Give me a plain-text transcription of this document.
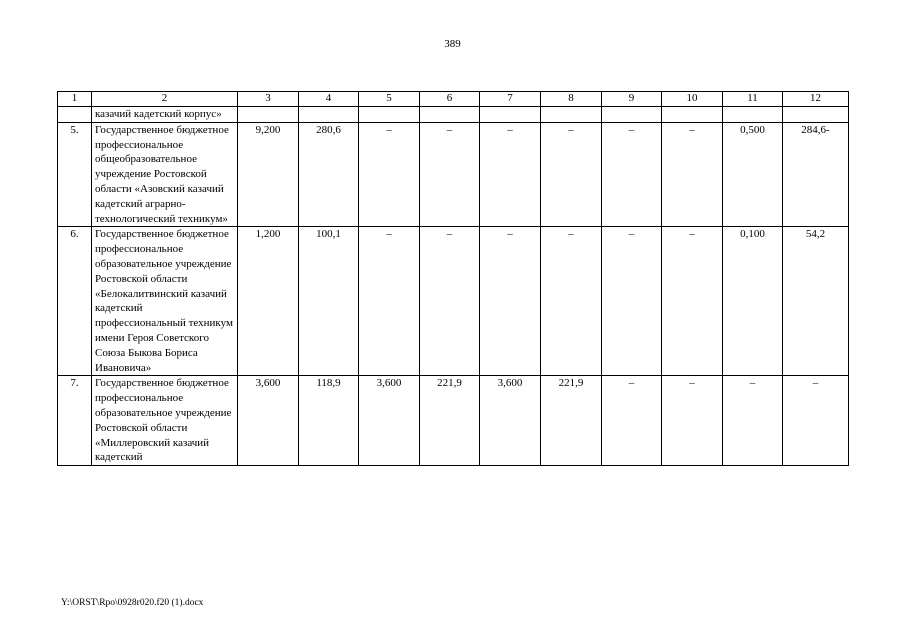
389
1	2	3	4	5	6	7	8	9	10	11	12
	казачий кадетский корпус»										
5.	Государственное бюджетное профессиональное общеобразовательное учреждение Ростовской области «Азовский казачий кадетский аграрно-технологический техникум»	9,200	280,6	–	–	–	–	–	–	0,500	284,6-
6.	Государственное бюджетное профессиональное образовательное учреждение Ростовской области «Белокалитвинский казачий кадетский профессиональный техникум имени Героя Советского Союза Быкова Бориса Ивановича»	1,200	100,1	–	–	–	–	–	–	0,100	54,2
7.	Государственное бюджетное профессиональное образовательное учреждение Ростовской области «Миллеровский казачий кадетский	3,600	118,9	3,600	221,9	3,600	221,9	–	–	–	–
Y:\ORST\Rpo\0928r020.f20 (1).docx
